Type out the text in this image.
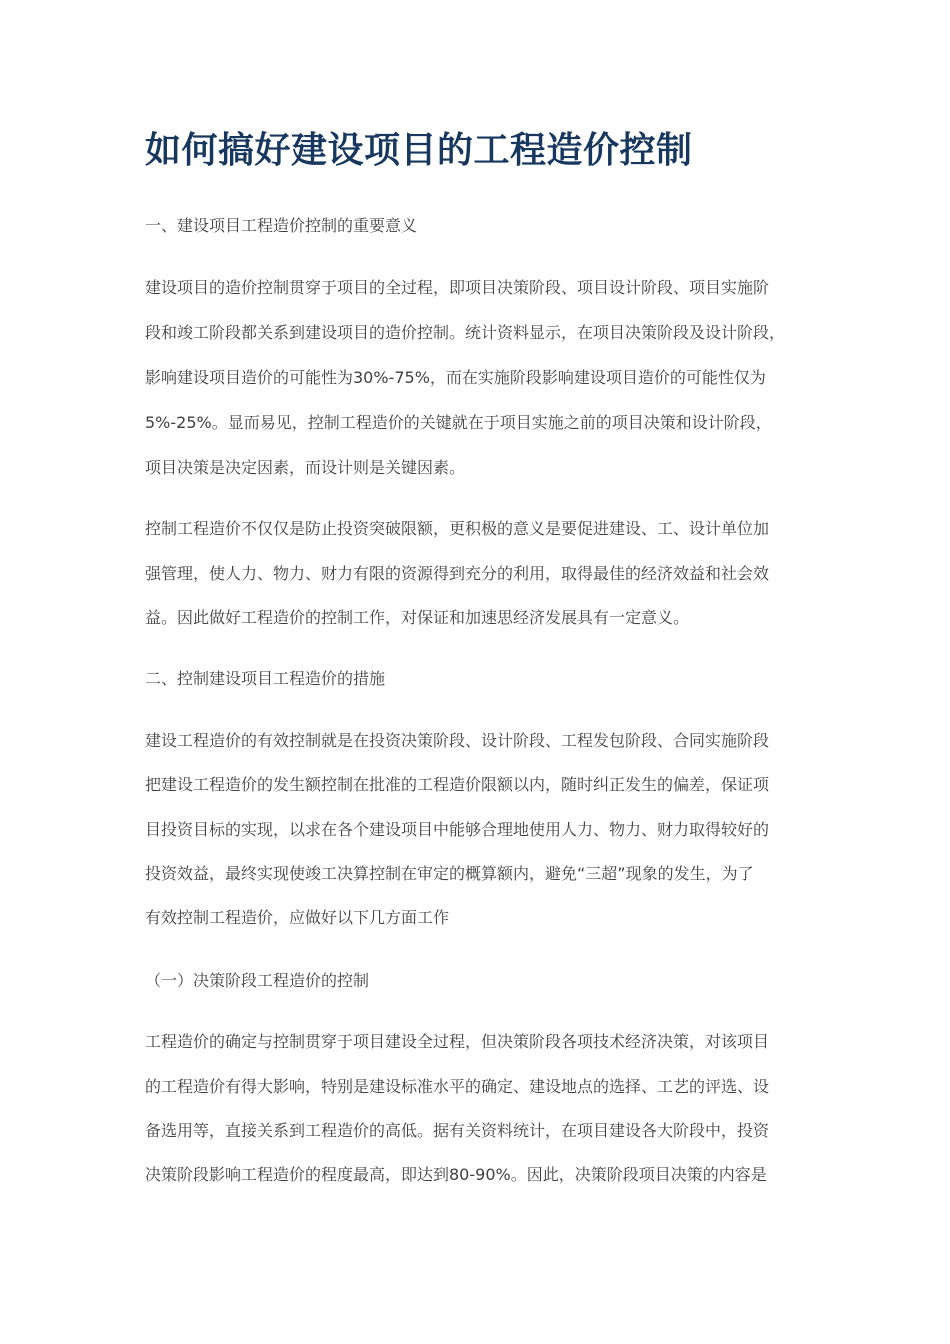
如何搞好建设项目的工程造价控制

一、建设项目工程造价控制的重要意义

建设项目的造价控制贯穿于项目的全过程，即项目决策阶段、项目设计阶段、项目实施阶

段和竣工阶段都关系到建设项目的造价控制。统计资料显示，在项目决策阶段及设计阶段，

影响建设项目造价的可能性为30%-75%，而在实施阶段影响建设项目造价的可能性仅为

5%-25%。显而易见，控制工程造价的关键就在于项目实施之前的项目决策和设计阶段，

项目决策是决定因素，而设计则是关键因素。

控制工程造价不仅仅是防止投资突破限额，更积极的意义是要促进建设、工、设计单位加

强管理，使人力、物力、财力有限的资源得到充分的利用，取得最佳的经济效益和社会效

益。因此做好工程造价的控制工作，对保证和加速思经济发展具有一定意义。

二、控制建设项目工程造价的措施

建设工程造价的有效控制就是在投资决策阶段、设计阶段、工程发包阶段、合同实施阶段

把建设工程造价的发生额控制在批准的工程造价限额以内，随时纠正发生的偏差，保证项

目投资目标的实现，以求在各个建设项目中能够合理地使用人力、物力、财力取得较好的

投资效益，最终实现使竣工决算控制在审定的概算额内，避免“三超”现象的发生，为了

有效控制工程造价，应做好以下几方面工作

（一）决策阶段工程造价的控制

工程造价的确定与控制贯穿于项目建设全过程，但决策阶段各项技术经济决策，对该项目

的工程造价有得大影响，特别是建设标准水平的确定、建设地点的选择、工艺的评选、设

备选用等，直接关系到工程造价的高低。据有关资料统计，在项目建设各大阶段中，投资

决策阶段影响工程造价的程度最高，即达到80-90%。因此，决策阶段项目决策的内容是
